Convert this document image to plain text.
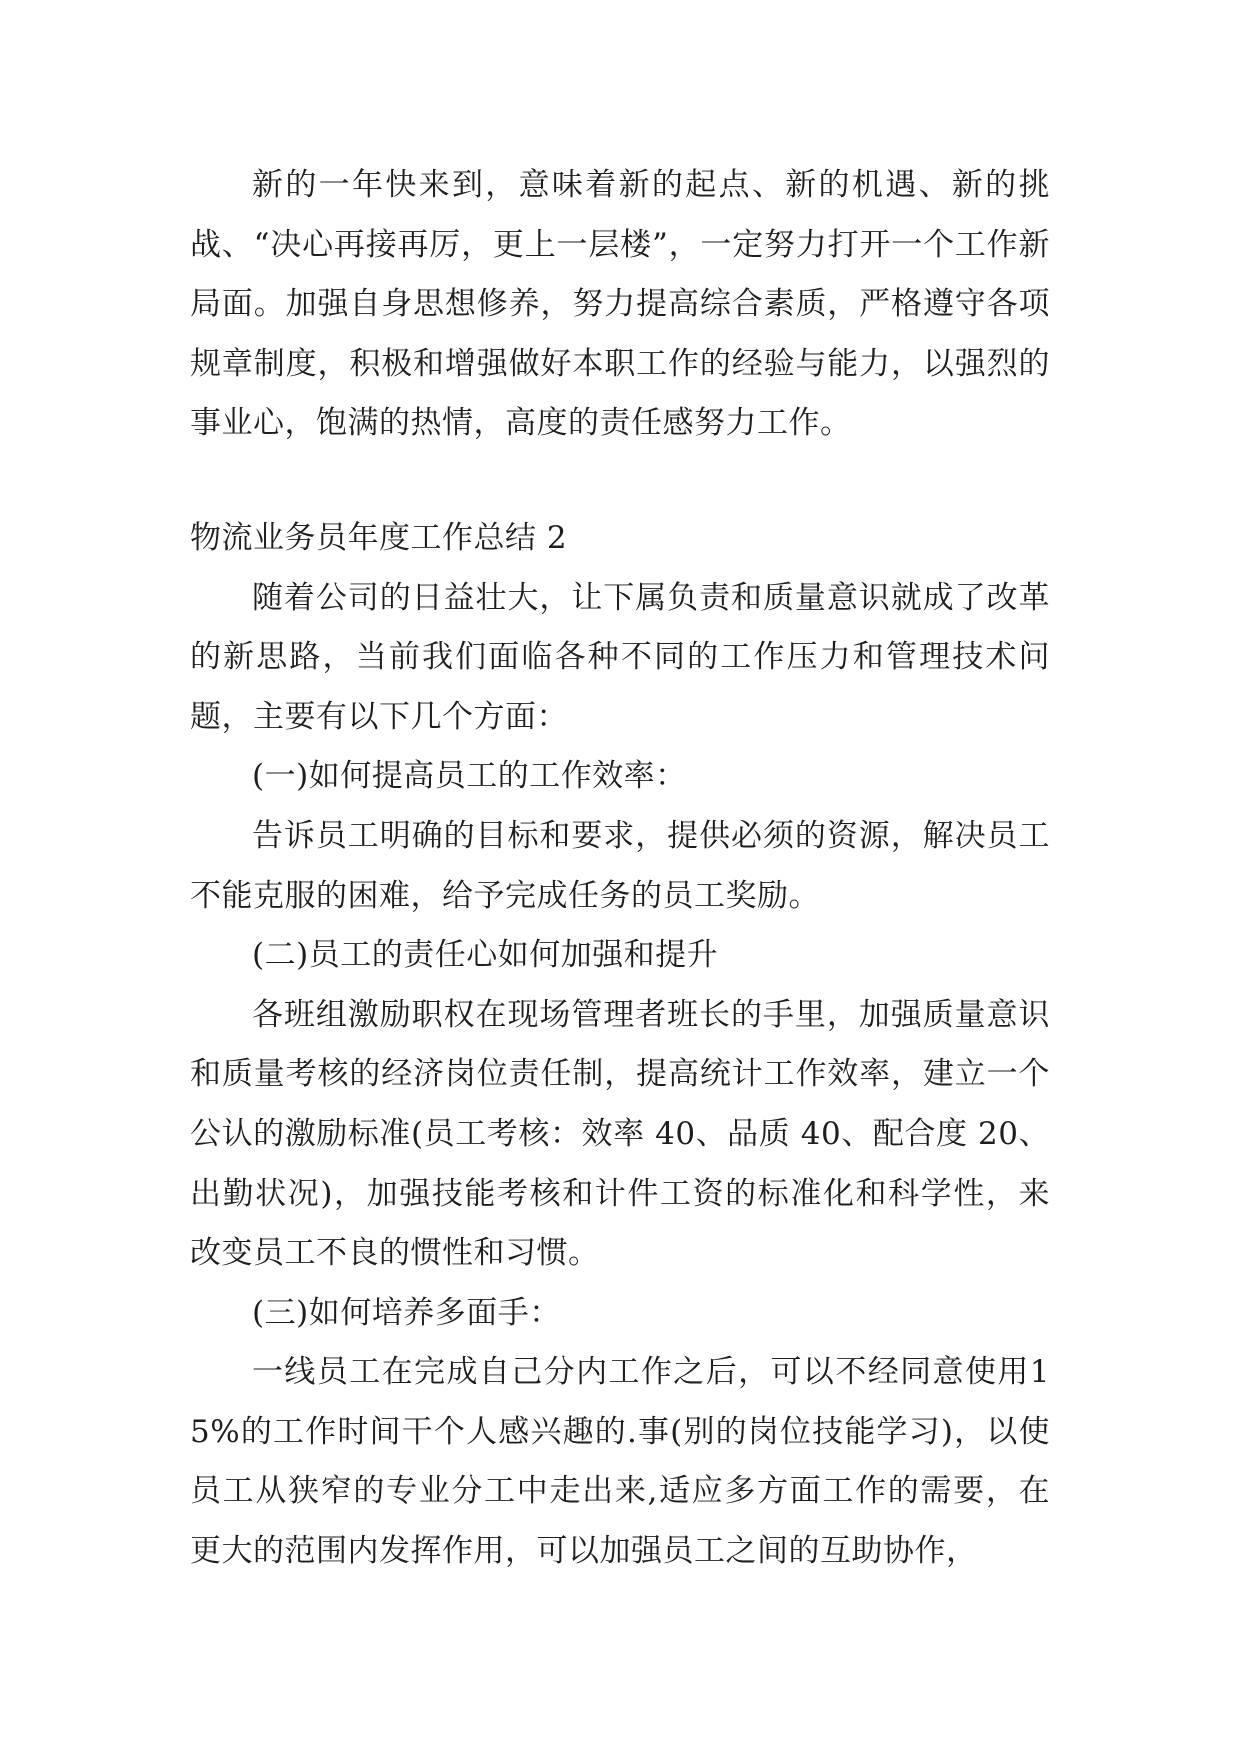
新的一年快来到，意味着新的起点、新的机遇、新的挑战、“决心再接再厉，更上一层楼”，一定努力打开一个工作新局面。加强自身思想修养，努力提高综合素质，严格遵守各项规章制度，积极和增强做好本职工作的经验与能力，以强烈的事业心，饱满的热情，高度的责任感努力工作。

物流业务员年度工作总结 2

随着公司的日益壮大，让下属负责和质量意识就成了改革的新思路，当前我们面临各种不同的工作压力和管理技术问题，主要有以下几个方面：

(一)如何提高员工的工作效率：

告诉员工明确的目标和要求，提供必须的资源，解决员工不能克服的困难，给予完成任务的员工奖励。

(二)员工的责任心如何加强和提升

各班组激励职权在现场管理者班长的手里，加强质量意识和质量考核的经济岗位责任制，提高统计工作效率，建立一个公认的激励标准(员工考核：效率 40、品质 40、配合度 20、出勤状况)，加强技能考核和计件工资的标准化和科学性，来改变员工不良的惯性和习惯。

(三)如何培养多面手：

一线员工在完成自己分内工作之后，可以不经同意使用15%的工作时间干个人感兴趣的.事(别的岗位技能学习)，以使员工从狭窄的专业分工中走出来,适应多方面工作的需要，在更大的范围内发挥作用，可以加强员工之间的互助协作，
